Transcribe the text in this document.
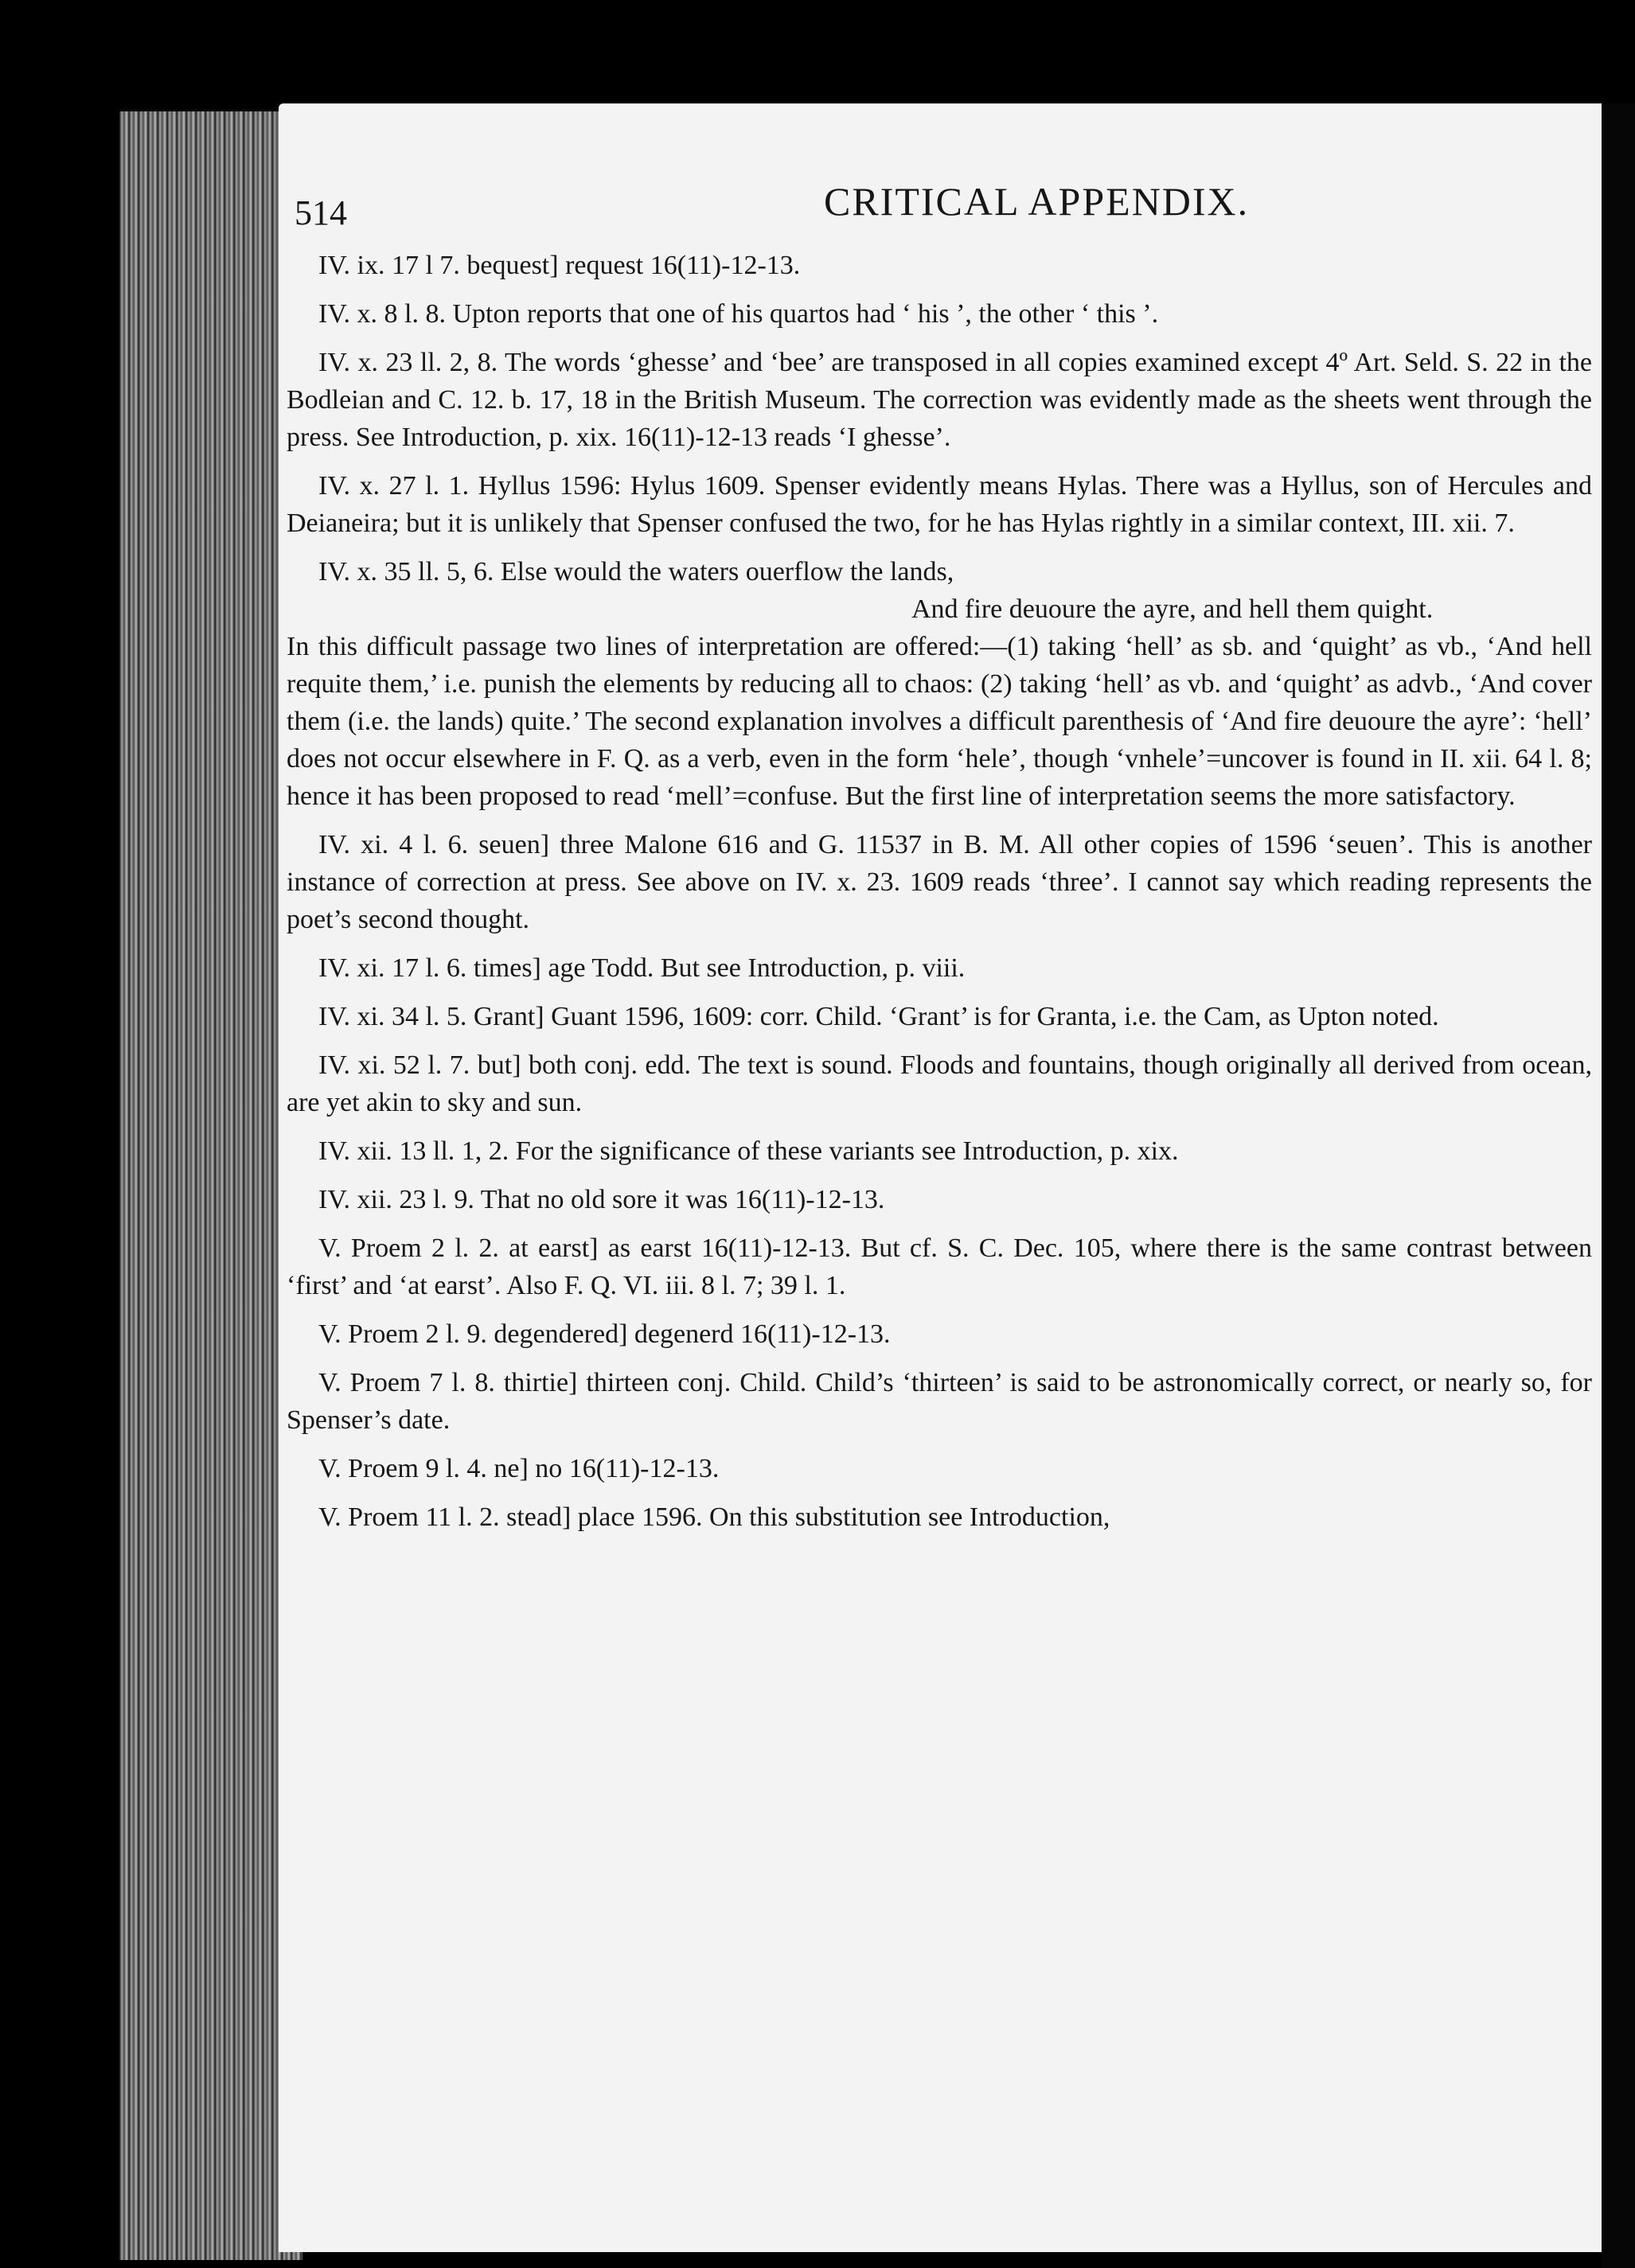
514	CRITICAL APPENDIX.

IV. ix. 17 l 7. bequest] request 16(11)-12-13.

IV. x. 8 l. 8. Upton reports that one of his quartos had ‘ his ’, the other ‘ this ’.

IV. x. 23 ll. 2, 8. The words ‘ghesse’ and ‘bee’ are transposed in all copies examined except 4º Art. Seld. S. 22 in the Bodleian and C. 12. b. 17, 18 in the British Museum. The correction was evidently made as the sheets went through the press. See Introduction, p. xix. 16(11)-12-13 reads ‘I ghesse’.

IV. x. 27 l. 1. Hyllus 1596: Hylus 1609. Spenser evidently means Hylas. There was a Hyllus, son of Hercules and Deianeira; but it is unlikely that Spenser confused the two, for he has Hylas rightly in a similar context, III. xii. 7.

IV. x. 35 ll. 5, 6. Else would the waters ouerflow the lands,
And fire deuoure the ayre, and hell them quight.

In this difficult passage two lines of interpretation are offered:—(1) taking ‘hell’ as sb. and ‘quight’ as vb., ‘And hell requite them,’ i.e. punish the elements by reducing all to chaos: (2) taking ‘hell’ as vb. and ‘quight’ as advb., ‘And cover them (i.e. the lands) quite.’ The second explanation involves a difficult parenthesis of ‘And fire deuoure the ayre’: ‘hell’ does not occur elsewhere in F. Q. as a verb, even in the form ‘hele’, though ‘vnhele’=uncover is found in II. xii. 64 l. 8; hence it has been proposed to read ‘mell’=confuse. But the first line of interpretation seems the more satisfactory.

IV. xi. 4 l. 6. seuen] three Malone 616 and G. 11537 in B. M. All other copies of 1596 ‘seuen’. This is another instance of correction at press. See above on IV. x. 23. 1609 reads ‘three’. I cannot say which reading represents the poet’s second thought.

IV. xi. 17 l. 6. times] age Todd. But see Introduction, p. viii.

IV. xi. 34 l. 5. Grant] Guant 1596, 1609: corr. Child. ‘Grant’ is for Granta, i.e. the Cam, as Upton noted.

IV. xi. 52 l. 7. but] both conj. edd. The text is sound. Floods and fountains, though originally all derived from ocean, are yet akin to sky and sun.

IV. xii. 13 ll. 1, 2. For the significance of these variants see Introduction, p. xix.

IV. xii. 23 l. 9. That no old sore it was 16(11)-12-13.

V. Proem 2 l. 2. at earst] as earst 16(11)-12-13. But cf. S. C. Dec. 105, where there is the same contrast between ‘first’ and ‘at earst’. Also F. Q. VI. iii. 8 l. 7; 39 l. 1.

V. Proem 2 l. 9. degendered] degenerd 16(11)-12-13.

V. Proem 7 l. 8. thirtie] thirteen conj. Child. Child’s ‘thirteen’ is said to be astronomically correct, or nearly so, for Spenser’s date.

V. Proem 9 l. 4. ne] no 16(11)-12-13.

V. Proem 11 l. 2. stead] place 1596. On this substitution see Introduction,
